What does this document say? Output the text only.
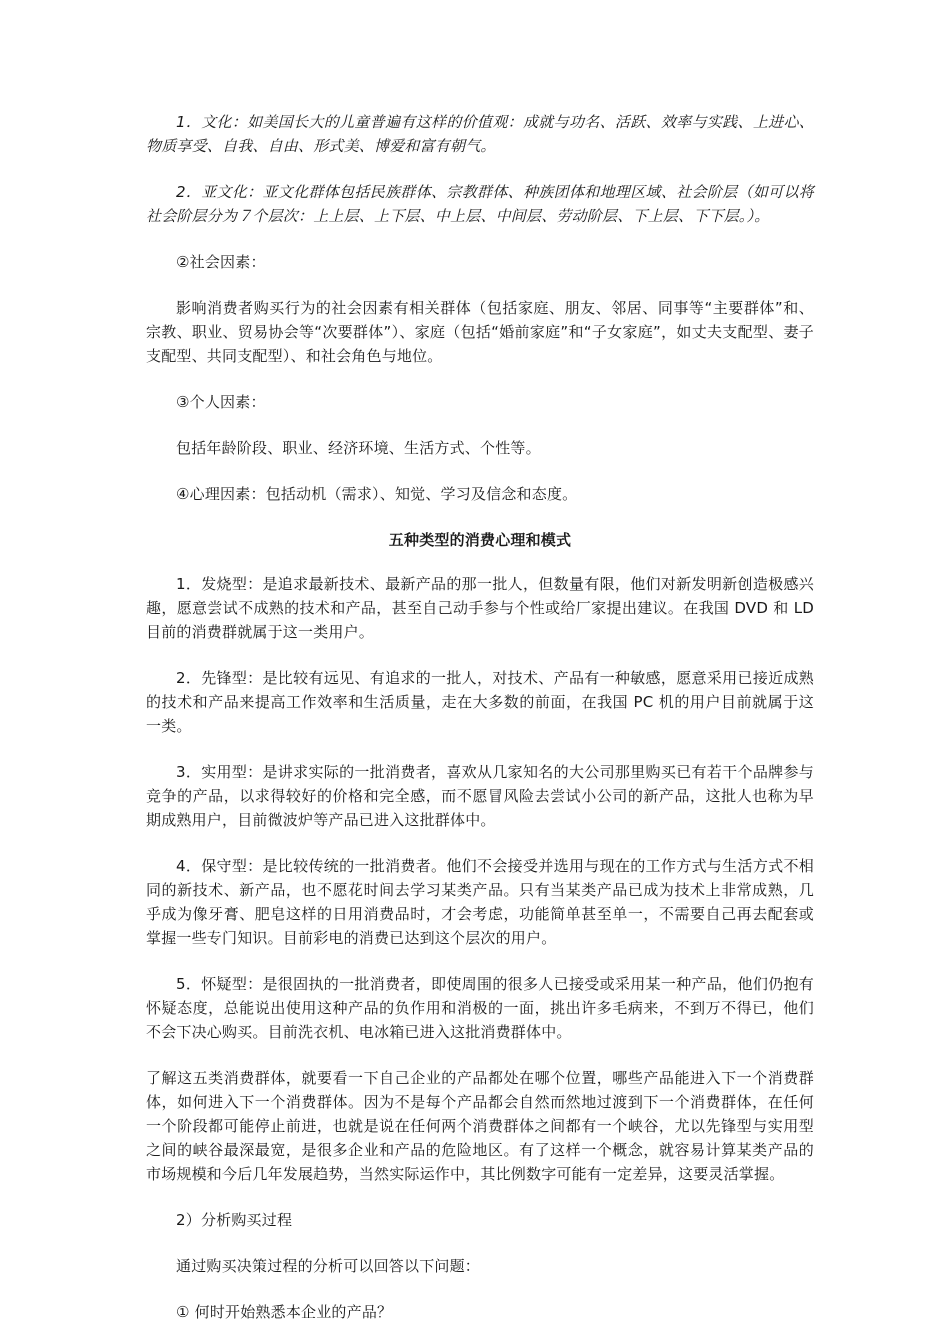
1．文化：如美国长大的儿童普遍有这样的价值观：成就与功名、活跃、效率与实践、上进心、物质享受、自我、自由、形式美、博爱和富有朝气。

2．亚文化：亚文化群体包括民族群体、宗教群体、种族团体和地理区域、社会阶层（如可以将社会阶层分为７个层次：上上层、上下层、中上层、中间层、劳动阶层、下上层、下下层。）。

②社会因素：

影响消费者购买行为的社会因素有相关群体（包括家庭、朋友、邻居、同事等“主要群体”和、宗教、职业、贸易协会等“次要群体”）、家庭（包括“婚前家庭”和“子女家庭”，如丈夫支配型、妻子支配型、共同支配型）、和社会角色与地位。

③个人因素：

包括年龄阶段、职业、经济环境、生活方式、个性等。

④心理因素：包括动机（需求）、知觉、学习及信念和态度。

五种类型的消费心理和模式

1．发烧型：是追求最新技术、最新产品的那一批人，但数量有限，他们对新发明新创造极感兴趣，愿意尝试不成熟的技术和产品，甚至自己动手参与个性或给厂家提出建议。在我国 DVD 和 LD 目前的消费群就属于这一类用户。

2．先锋型：是比较有远见、有追求的一批人，对技术、产品有一种敏感，愿意采用已接近成熟的技术和产品来提高工作效率和生活质量，走在大多数的前面，在我国 PC 机的用户目前就属于这一类。

3．实用型：是讲求实际的一批消费者，喜欢从几家知名的大公司那里购买已有若干个品牌参与竞争的产品，以求得较好的价格和完全感，而不愿冒风险去尝试小公司的新产品，这批人也称为早期成熟用户，目前微波炉等产品已进入这批群体中。

4．保守型：是比较传统的一批消费者。他们不会接受并选用与现在的工作方式与生活方式不相同的新技术、新产品，也不愿花时间去学习某类产品。只有当某类产品已成为技术上非常成熟，几乎成为像牙膏、肥皂这样的日用消费品时，才会考虑，功能简单甚至单一，不需要自己再去配套或掌握一些专门知识。目前彩电的消费已达到这个层次的用户。

5．怀疑型：是很固执的一批消费者，即使周围的很多人已接受或采用某一种产品，他们仍抱有怀疑态度，总能说出使用这种产品的负作用和消极的一面，挑出许多毛病来，不到万不得已，他们不会下决心购买。目前洗衣机、电冰箱已进入这批消费群体中。

了解这五类消费群体，就要看一下自己企业的产品都处在哪个位置，哪些产品能进入下一个消费群体，如何进入下一个消费群体。因为不是每个产品都会自然而然地过渡到下一个消费群体，在任何一个阶段都可能停止前进，也就是说在任何两个消费群体之间都有一个峡谷，尤以先锋型与实用型之间的峡谷最深最宽，是很多企业和产品的危险地区。有了这样一个概念，就容易计算某类产品的市场规模和今后几年发展趋势，当然实际运作中，其比例数字可能有一定差异，这要灵活掌握。

2）分析购买过程

通过购买决策过程的分析可以回答以下问题：

① 何时开始熟悉本企业的产品？
